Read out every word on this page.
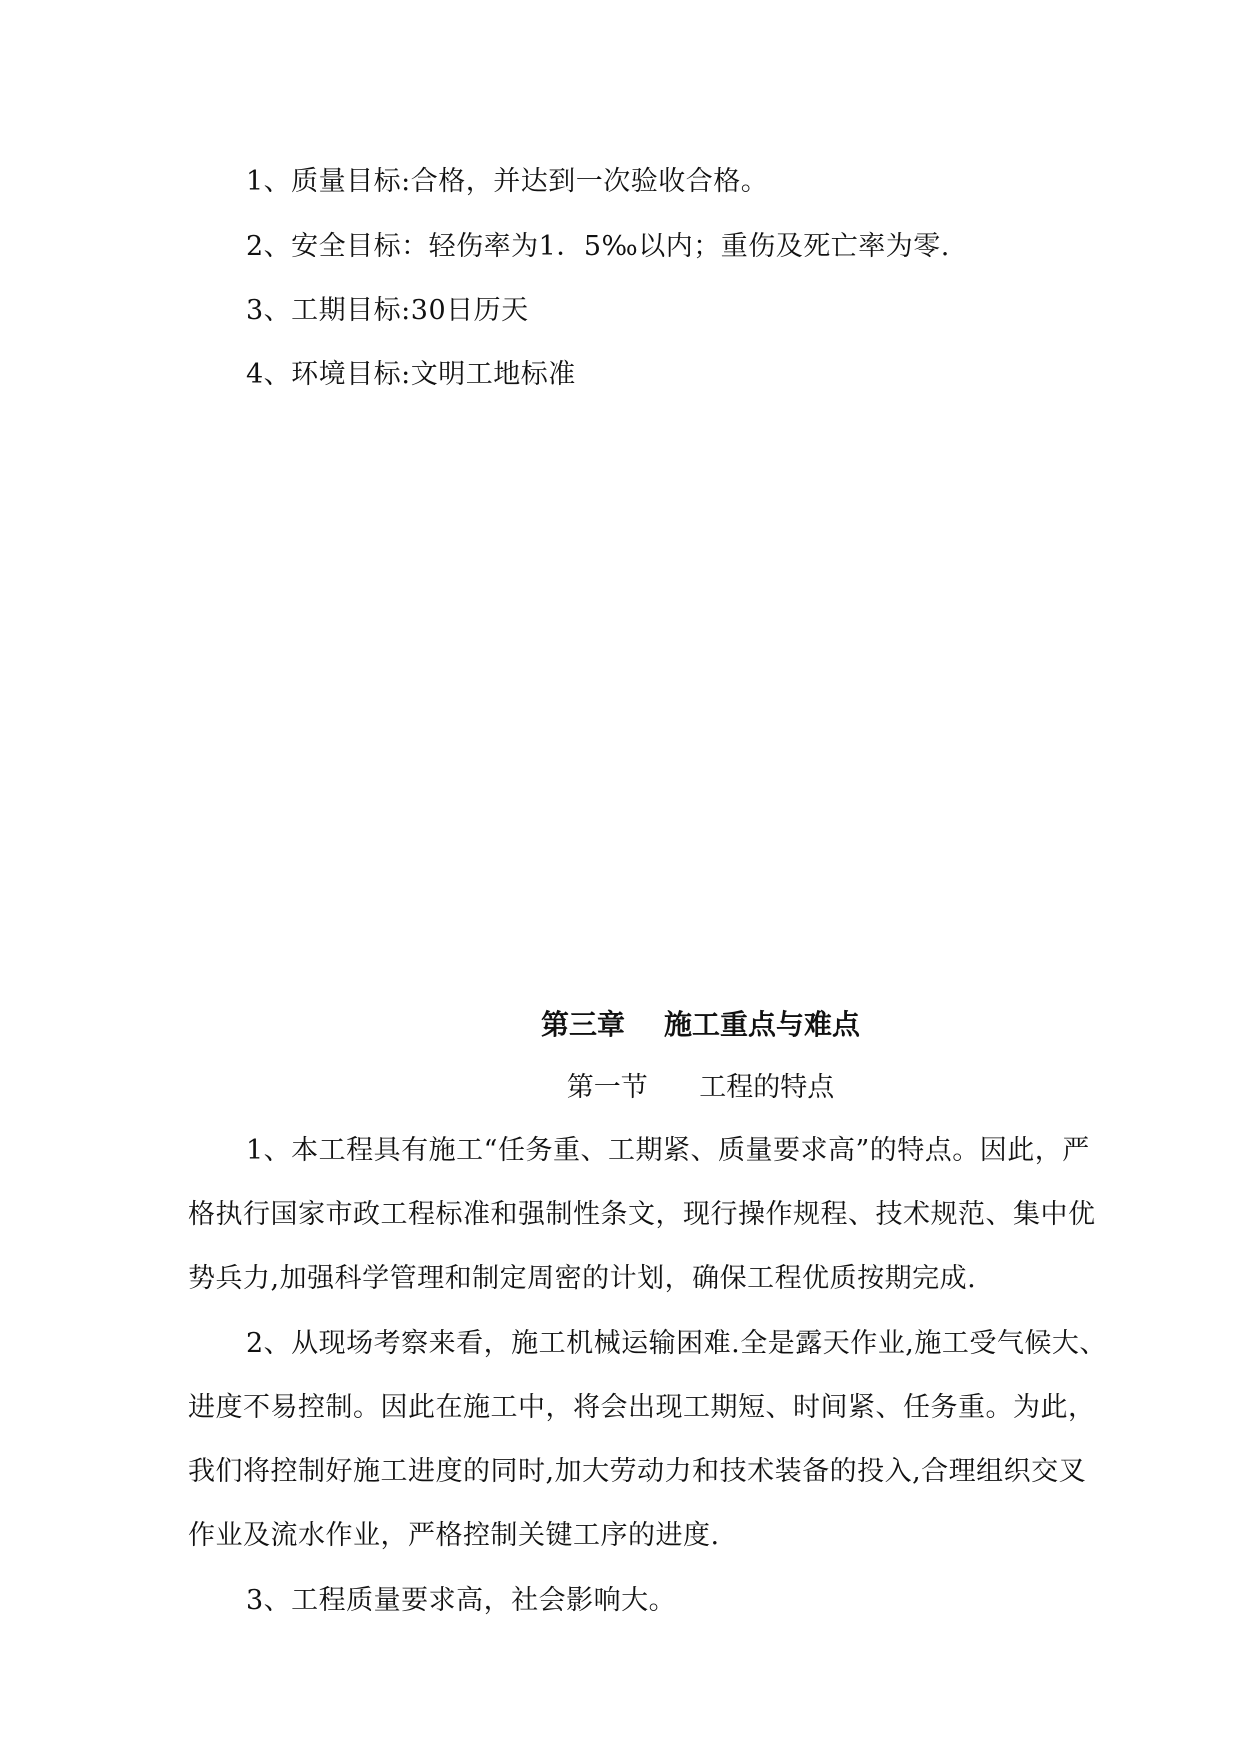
1、质量目标:合格，并达到一次验收合格。
2、安全目标：轻伤率为1．5‰以内；重伤及死亡率为零.
3、工期目标:30日历天
4、环境目标:文明工地标准
第三章    施工重点与难点
第一节      工程的特点
1、本工程具有施工“任务重、工期紧、质量要求高”的特点。因此，严
格执行国家市政工程标准和强制性条文，现行操作规程、技术规范、集中优
势兵力,加强科学管理和制定周密的计划，确保工程优质按期完成.
2、从现场考察来看，施工机械运输困难.全是露天作业,施工受气候大、
进度不易控制。因此在施工中，将会出现工期短、时间紧、任务重。为此，
我们将控制好施工进度的同时,加大劳动力和技术装备的投入,合理组织交叉
作业及流水作业，严格控制关键工序的进度.
3、工程质量要求高，社会影响大。
